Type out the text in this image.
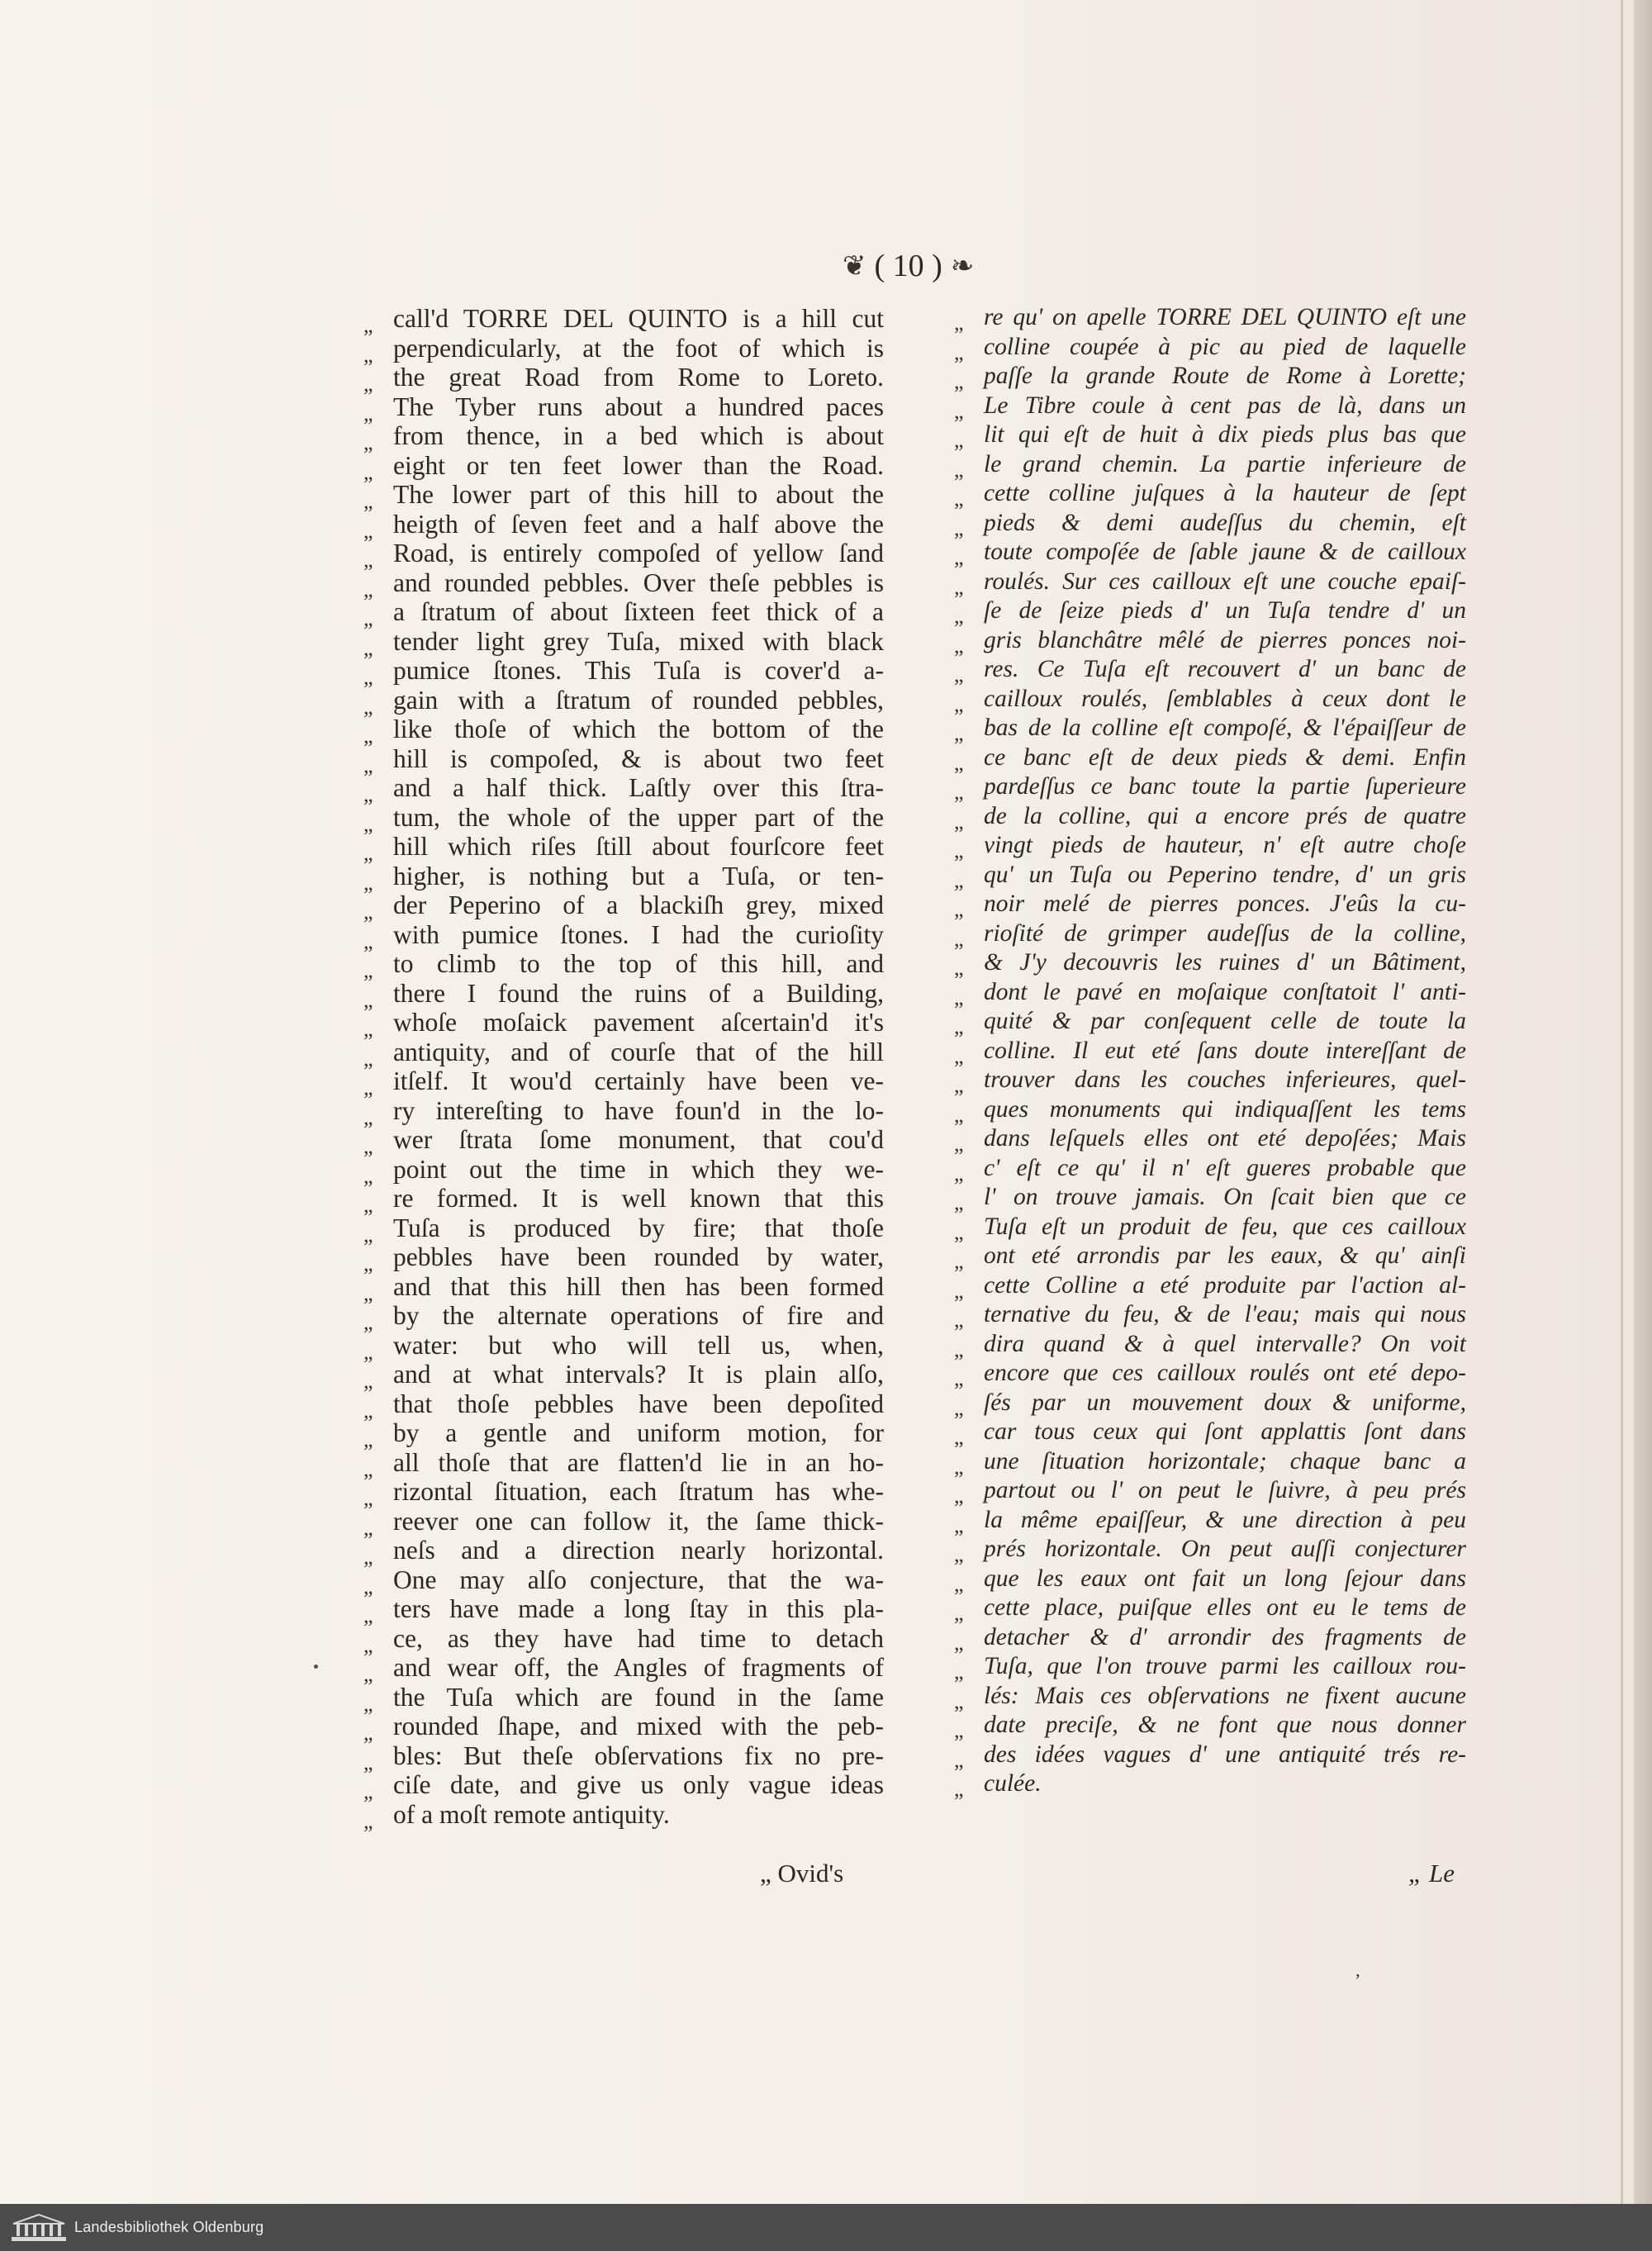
❦ ( 10 ) ❧
„ call'd TORRE DEL QUINTO is a hill cut
„ perpendicularly, at the foot of which is
„ the great Road from Rome to Loreto.
„ The Tyber runs about a hundred paces
„ from thence, in a bed which is about
„ eight or ten feet lower than the Road.
„ The lower part of this hill to about the
„ heigth of ſeven feet and a half above the
„ Road, is entirely compoſed of yellow ſand
„ and rounded pebbles. Over theſe pebbles is
„ a ſtratum of about ſixteen feet thick of a
„ tender light grey Tuſa, mixed with black
„ pumice ſtones. This Tuſa is cover'd a-
„ gain with a ſtratum of rounded pebbles,
„ like thoſe of which the bottom of the
„ hill is compoſed, & is about two feet
„ and a half thick. Laſtly over this ſtra-
„ tum, the whole of the upper part of the
„ hill which riſes ſtill about fourſcore feet
„ higher, is nothing but a Tuſa, or ten-
„ der Peperino of a blackiſh grey, mixed
„ with pumice ſtones. I had the curioſity
„ to climb to the top of this hill, and
„ there I found the ruins of a Building,
„ whoſe moſaick pavement aſcertain'd it's
„ antiquity, and of courſe that of the hill
„ itſelf. It wou'd certainly have been ve-
„ ry intereſting to have foun'd in the lo-
„ wer ſtrata ſome monument, that cou'd
„ point out the time in which they we-
„ re formed. It is well known that this
„ Tuſa is produced by fire; that thoſe
„ pebbles have been rounded by water,
„ and that this hill then has been formed
„ by the alternate operations of fire and
„ water: but who will tell us, when,
„ and at what intervals? It is plain alſo,
„ that thoſe pebbles have been depoſited
„ by a gentle and uniform motion, for
„ all thoſe that are flatten'd lie in an ho-
„ rizontal ſituation, each ſtratum has whe-
„ reever one can follow it, the ſame thick-
„ neſs and a direction nearly horizontal.
„ One may alſo conjecture, that the wa-
„ ters have made a long ſtay in this pla-
„ ce, as they have had time to detach
„ and wear off, the Angles of fragments of
„ the Tuſa which are found in the ſame
„ rounded ſhape, and mixed with the peb-
„ bles: But theſe obſervations fix no pre-
„ ciſe date, and give us only vague ideas
„ of a moſt remote antiquity.
„ re qu' on apelle TORRE DEL QUINTO eſt une
„ colline coupée à pic au pied de laquelle
„ paſſe la grande Route de Rome à Lorette;
„ Le Tibre coule à cent pas de là, dans un
„ lit qui eſt de huit à dix pieds plus bas que
„ le grand chemin. La partie inferieure de
„ cette colline juſques à la hauteur de ſept
„ pieds & demi audeſſus du chemin, eſt
„ toute compoſée de ſable jaune & de cailloux
„ roulés. Sur ces cailloux eſt une couche epaiſ-
„ ſe de ſeize pieds d' un Tuſa tendre d' un
„ gris blanchâtre mêlé de pierres ponces noi-
„ res. Ce Tuſa eſt recouvert d' un banc de
„ cailloux roulés, ſemblables à ceux dont le
„ bas de la colline eſt compoſé, & l'épaiſſeur de
„ ce banc eſt de deux pieds & demi. Enfin
„ pardeſſus ce banc toute la partie ſuperieure
„ de la colline, qui a encore prés de quatre
„ vingt pieds de hauteur, n' eſt autre choſe
„ qu' un Tuſa ou Peperino tendre, d' un gris
„ noir melé de pierres ponces. J'eûs la cu-
„ rioſité de grimper audeſſus de la colline,
„ & J'y decouvris les ruines d' un Bâtiment,
„ dont le pavé en moſaique conſtatoit l' anti-
„ quité & par conſequent celle de toute la
„ colline. Il eut eté ſans doute intereſſant de
„ trouver dans les couches inferieures, quel-
„ ques monuments qui indiquaſſent les tems
„ dans leſquels elles ont eté depoſées; Mais
„ c' eſt ce qu' il n' eſt gueres probable que
„ l' on trouve jamais. On ſcait bien que ce
„ Tuſa eſt un produit de feu, que ces cailloux
„ ont eté arrondis par les eaux, & qu' ainſi
„ cette Colline a eté produite par l'action al-
„ ternative du feu, & de l'eau; mais qui nous
„ dira quand & à quel intervalle? On voit
„ encore que ces cailloux roulés ont eté depo-
„ ſés par un mouvement doux & uniforme,
„ car tous ceux qui ſont applattis ſont dans
„ une ſituation horizontale; chaque banc a
„ partout ou l' on peut le ſuivre, à peu prés
„ la même epaiſſeur, & une direction à peu
„ prés horizontale. On peut auſſi conjecturer
„ que les eaux ont fait un long ſejour dans
„ cette place, puiſque elles ont eu le tems de
„ detacher & d' arrondir des fragments de
„ Tuſa, que l'on trouve parmi les cailloux rou-
„ lés: Mais ces obſervations ne fixent aucune
„ date preciſe, & ne font que nous donner
„ des idées vagues d' une antiquité trés re-
„ culée.
ʼ
„ Ovid's	„ Le
Landesbibliothek Oldenburg
